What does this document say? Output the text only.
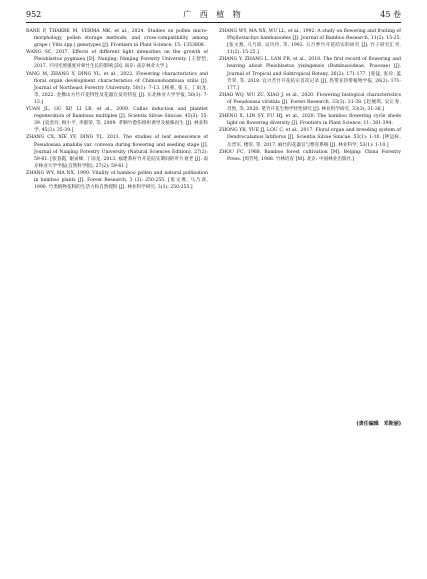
952	广 西 植 物	45 卷

RANE P, THAKRE M, VERMA MK, et al., 2024. Studies on pollen micro-morphology, pollen storage methods, and cross-compatibility among grape ( Vitis spp.) genotypes [J]. Frontiers in Plant Science, 15: 1353808.

WANG SC, 2017. Effects of different light intensities on the growth of Pleioblastus pygmaea [D]. Nanjing: Nanjing Forestry University. [王舒恺, 2017. 不同光照强度对翠竹生长的影响 [D]. 南京: 南京林业大学.]

YANG M, ZHANG Y, DING YL, et al., 2022. Flowering characteristics and floral organ development characteristics of Chimonobambusa utilis [J]. Journal of Northeast Forestry University, 50(1): 7-13. [杨蒙, 张玉, 丁雨龙, 等, 2022. 金佛山方竹开花特性及花器官发育特征 [J]. 东北林业大学学报, 50(1): 7-13.]

YUAN JL, GU XP, LI LB, et al., 2009. Callus induction and plantlet regeneration of Bambusa multiplex [J]. Scientia Silvae Sinicae, 45(3): 35-39. [袁金玲, 顾小平, 李群荣, 等, 2009. 孝顺竹愈伤组织诱导及植株再生 [J]. 林业科学, 45(3): 35-39.]

ZHANG CX, XIE YF, DING YL, 2013. The studies of leaf senescence of Pseudosasa amabilis var. convexa during flowering and seeding stage [J]. Journal of Nanjing Forestry University (Natural Sciences Edition), 27(2): 59-61. [张春霞, 谢寅峰, 丁雨龙, 2013. 福建茶秆竹开花结实期间的叶片衰老 [J]. 南京林业大学学报(自然科学版), 27(2): 59-61.]

ZHANG WY, MA NX, 1990. Vitality of bamboo pollen and natural pollination in bamboo plants [J]. Forest Research, 3 (3): 250-255. [张文燕, 马乃训, 1990. 竹类植物花粉的生活力和自然授粉 [J]. 林业科学研究, 3(3): 250-255.]

ZHANG WY, MA NX, WU LL, et al., 1992. A study on flowering and fruiting of Phyllostachys bambusoides [J]. Journal of Bamboo Research, 11(2): 15-25. [张文燕, 马乃训, 吴玲玲, 等, 1992. 五月季竹开花结实的研究 [J]. 竹子研究汇刊, 11(2): 15-25.]

ZHANG Y, ZHANG L, LAN FR, et al., 2018. The first record of flowering and bearing about Pleioblastus yixingensis (Bambusoideae, Poaceae) [J]. Journal of Tropical and Subtropical Botany, 26(2): 171-177. [张锰, 张玲, 蓝芳荣, 等, 2018. 宜兴苦竹开花结实首次记录 [J]. 热带亚热带植物学报, 26(2): 171-177.]

ZHAO WQ, WU ZC, XIAO J, et al., 2020. Flowering biological characteristics of Pseudosasa viridula [J]. Forest Research, 33(3): 31-38. [赵琬琪, 吴正春, 肖致, 等, 2020. 笔竹开花生物学特性研究 [J]. 林业科学研究, 33(3): 31-38.]

ZHENG X, LIN SY, FU HJ, et al., 2020. The bamboo flowering cycle sheds light on flowering diversity [J]. Frontiers in Plant Science, 11: 381-394.

ZHONG YB, YUE JJ, LOU C, et al., 2017. Floral organ and breeding system of Dendrocalamus latiflorus [J]. Scientia Silvae Sinicae, 53(1): 1-10. [钟远标, 岳晋军, 楼崇, 等, 2017. 麻竹的花器官与繁育系统 [J]. 林业科学, 53(1): 1-10.]

ZHOU FC, 1988. Bamboo forest cultivation [M]. Beijing: China Forestry Press. [周芳纯, 1988. 竹林培育 [M]. 北京: 中国林业出版社.]

(责任编辑　邓斯丽)
